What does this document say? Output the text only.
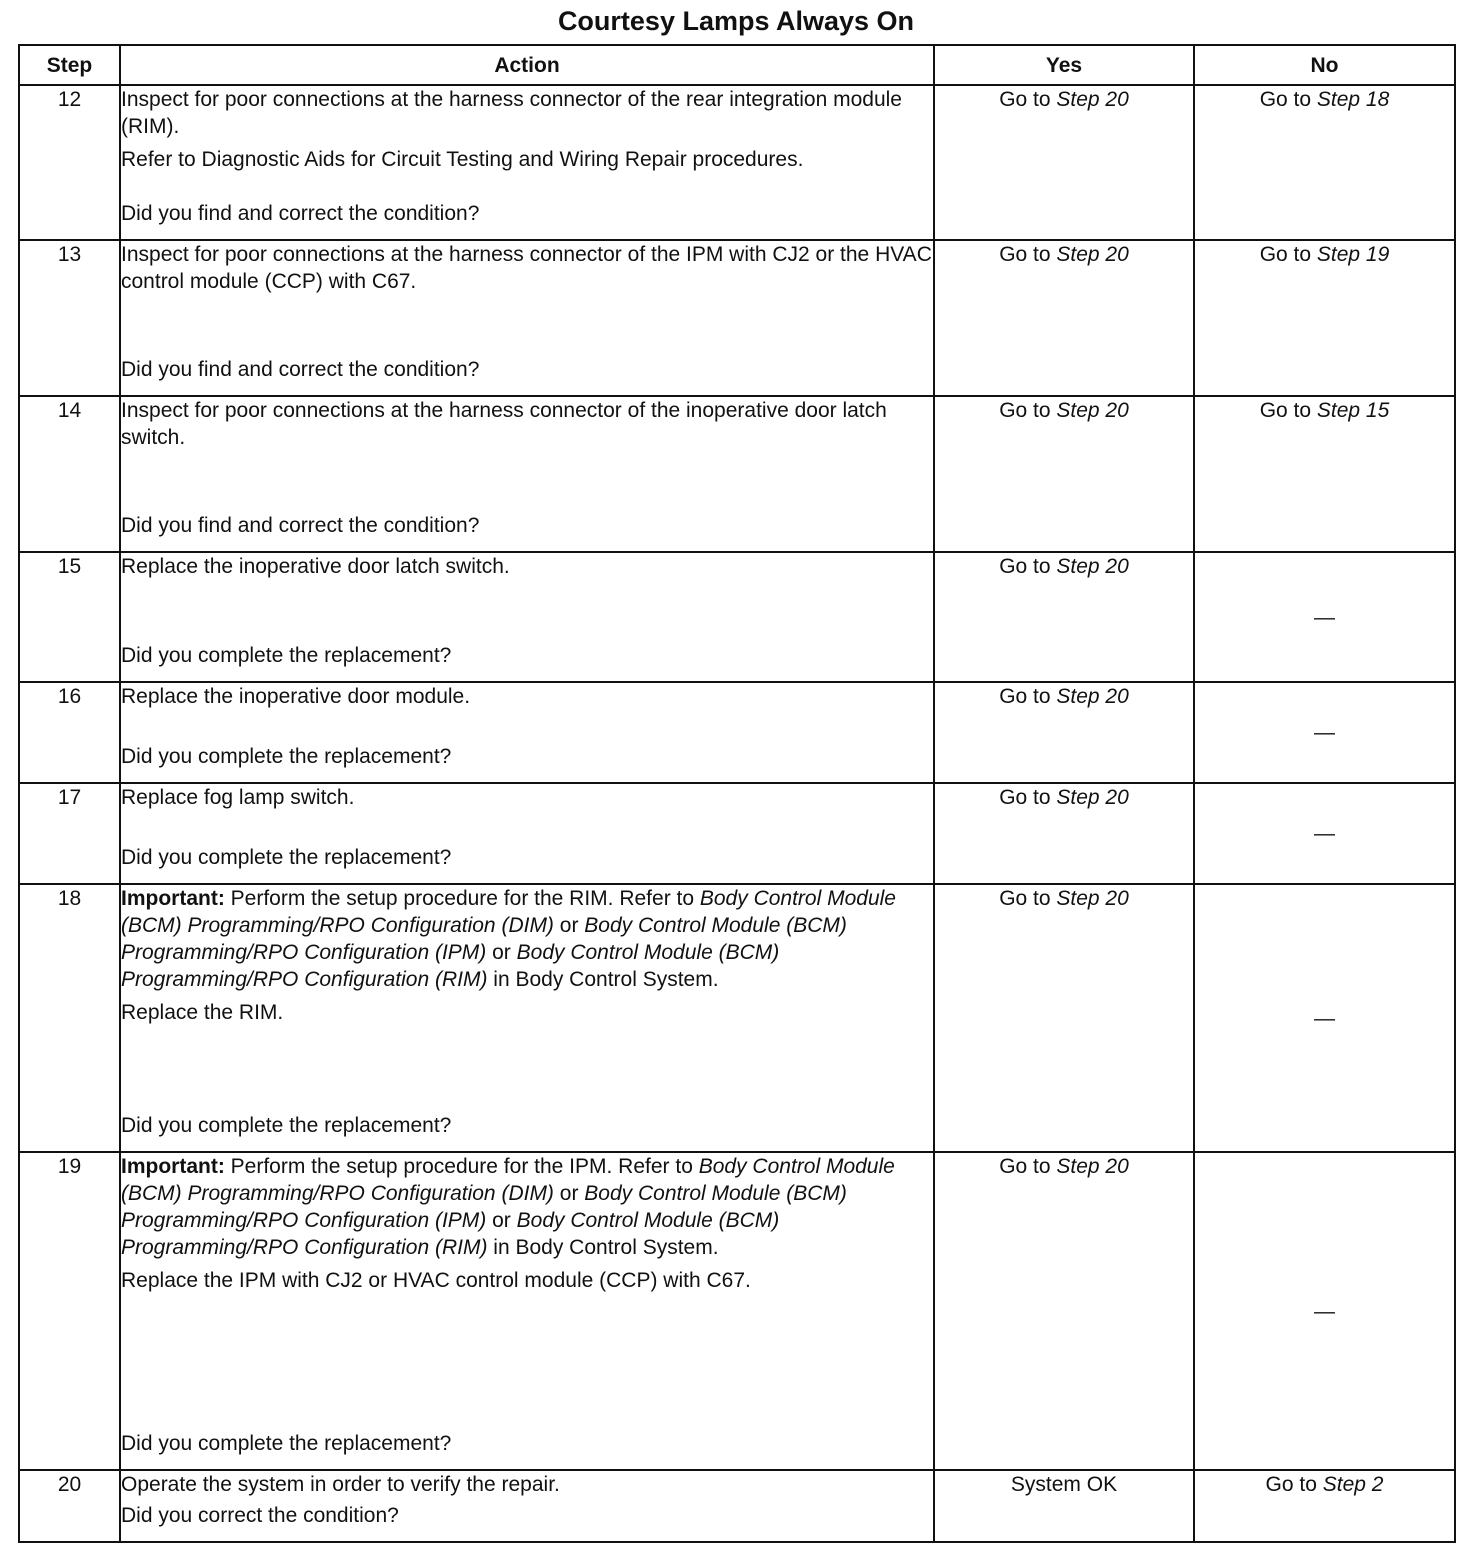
Courtesy Lamps Always On
Step	Action	Yes	No
12	Inspect for poor connections at the harness connector of the rear integration module (RIM).

Refer to Diagnostic Aids for Circuit Testing and Wiring Repair procedures.

Did you find and correct the condition?	Go to Step 20	Go to Step 18
13	Inspect for poor connections at the harness connector of the IPM with CJ2 or the HVAC control module (CCP) with C67.

Did you find and correct the condition?	Go to Step 20	Go to Step 19
14	Inspect for poor connections at the harness connector of the inoperative door latch switch.

Did you find and correct the condition?	Go to Step 20	Go to Step 15
15	Replace the inoperative door latch switch.

Did you complete the replacement?	Go to Step 20	—
16	Replace the inoperative door module.

Did you complete the replacement?	Go to Step 20	—
17	Replace fog lamp switch.

Did you complete the replacement?	Go to Step 20	—
18	Important: Perform the setup procedure for the RIM. Refer to Body Control Module (BCM) Programming/RPO Configuration (DIM) or Body Control Module (BCM) Programming/RPO Configuration (IPM) or Body Control Module (BCM) Programming/RPO Configuration (RIM) in Body Control System.

Replace the RIM.

Did you complete the replacement?	Go to Step 20	—
19	Important: Perform the setup procedure for the IPM. Refer to Body Control Module (BCM) Programming/RPO Configuration (DIM) or Body Control Module (BCM) Programming/RPO Configuration (IPM) or Body Control Module (BCM) Programming/RPO Configuration (RIM) in Body Control System.

Replace the IPM with CJ2 or HVAC control module (CCP) with C67.

Did you complete the replacement?	Go to Step 20	—
20	Operate the system in order to verify the repair.

Did you correct the condition?	System OK	Go to Step 2
